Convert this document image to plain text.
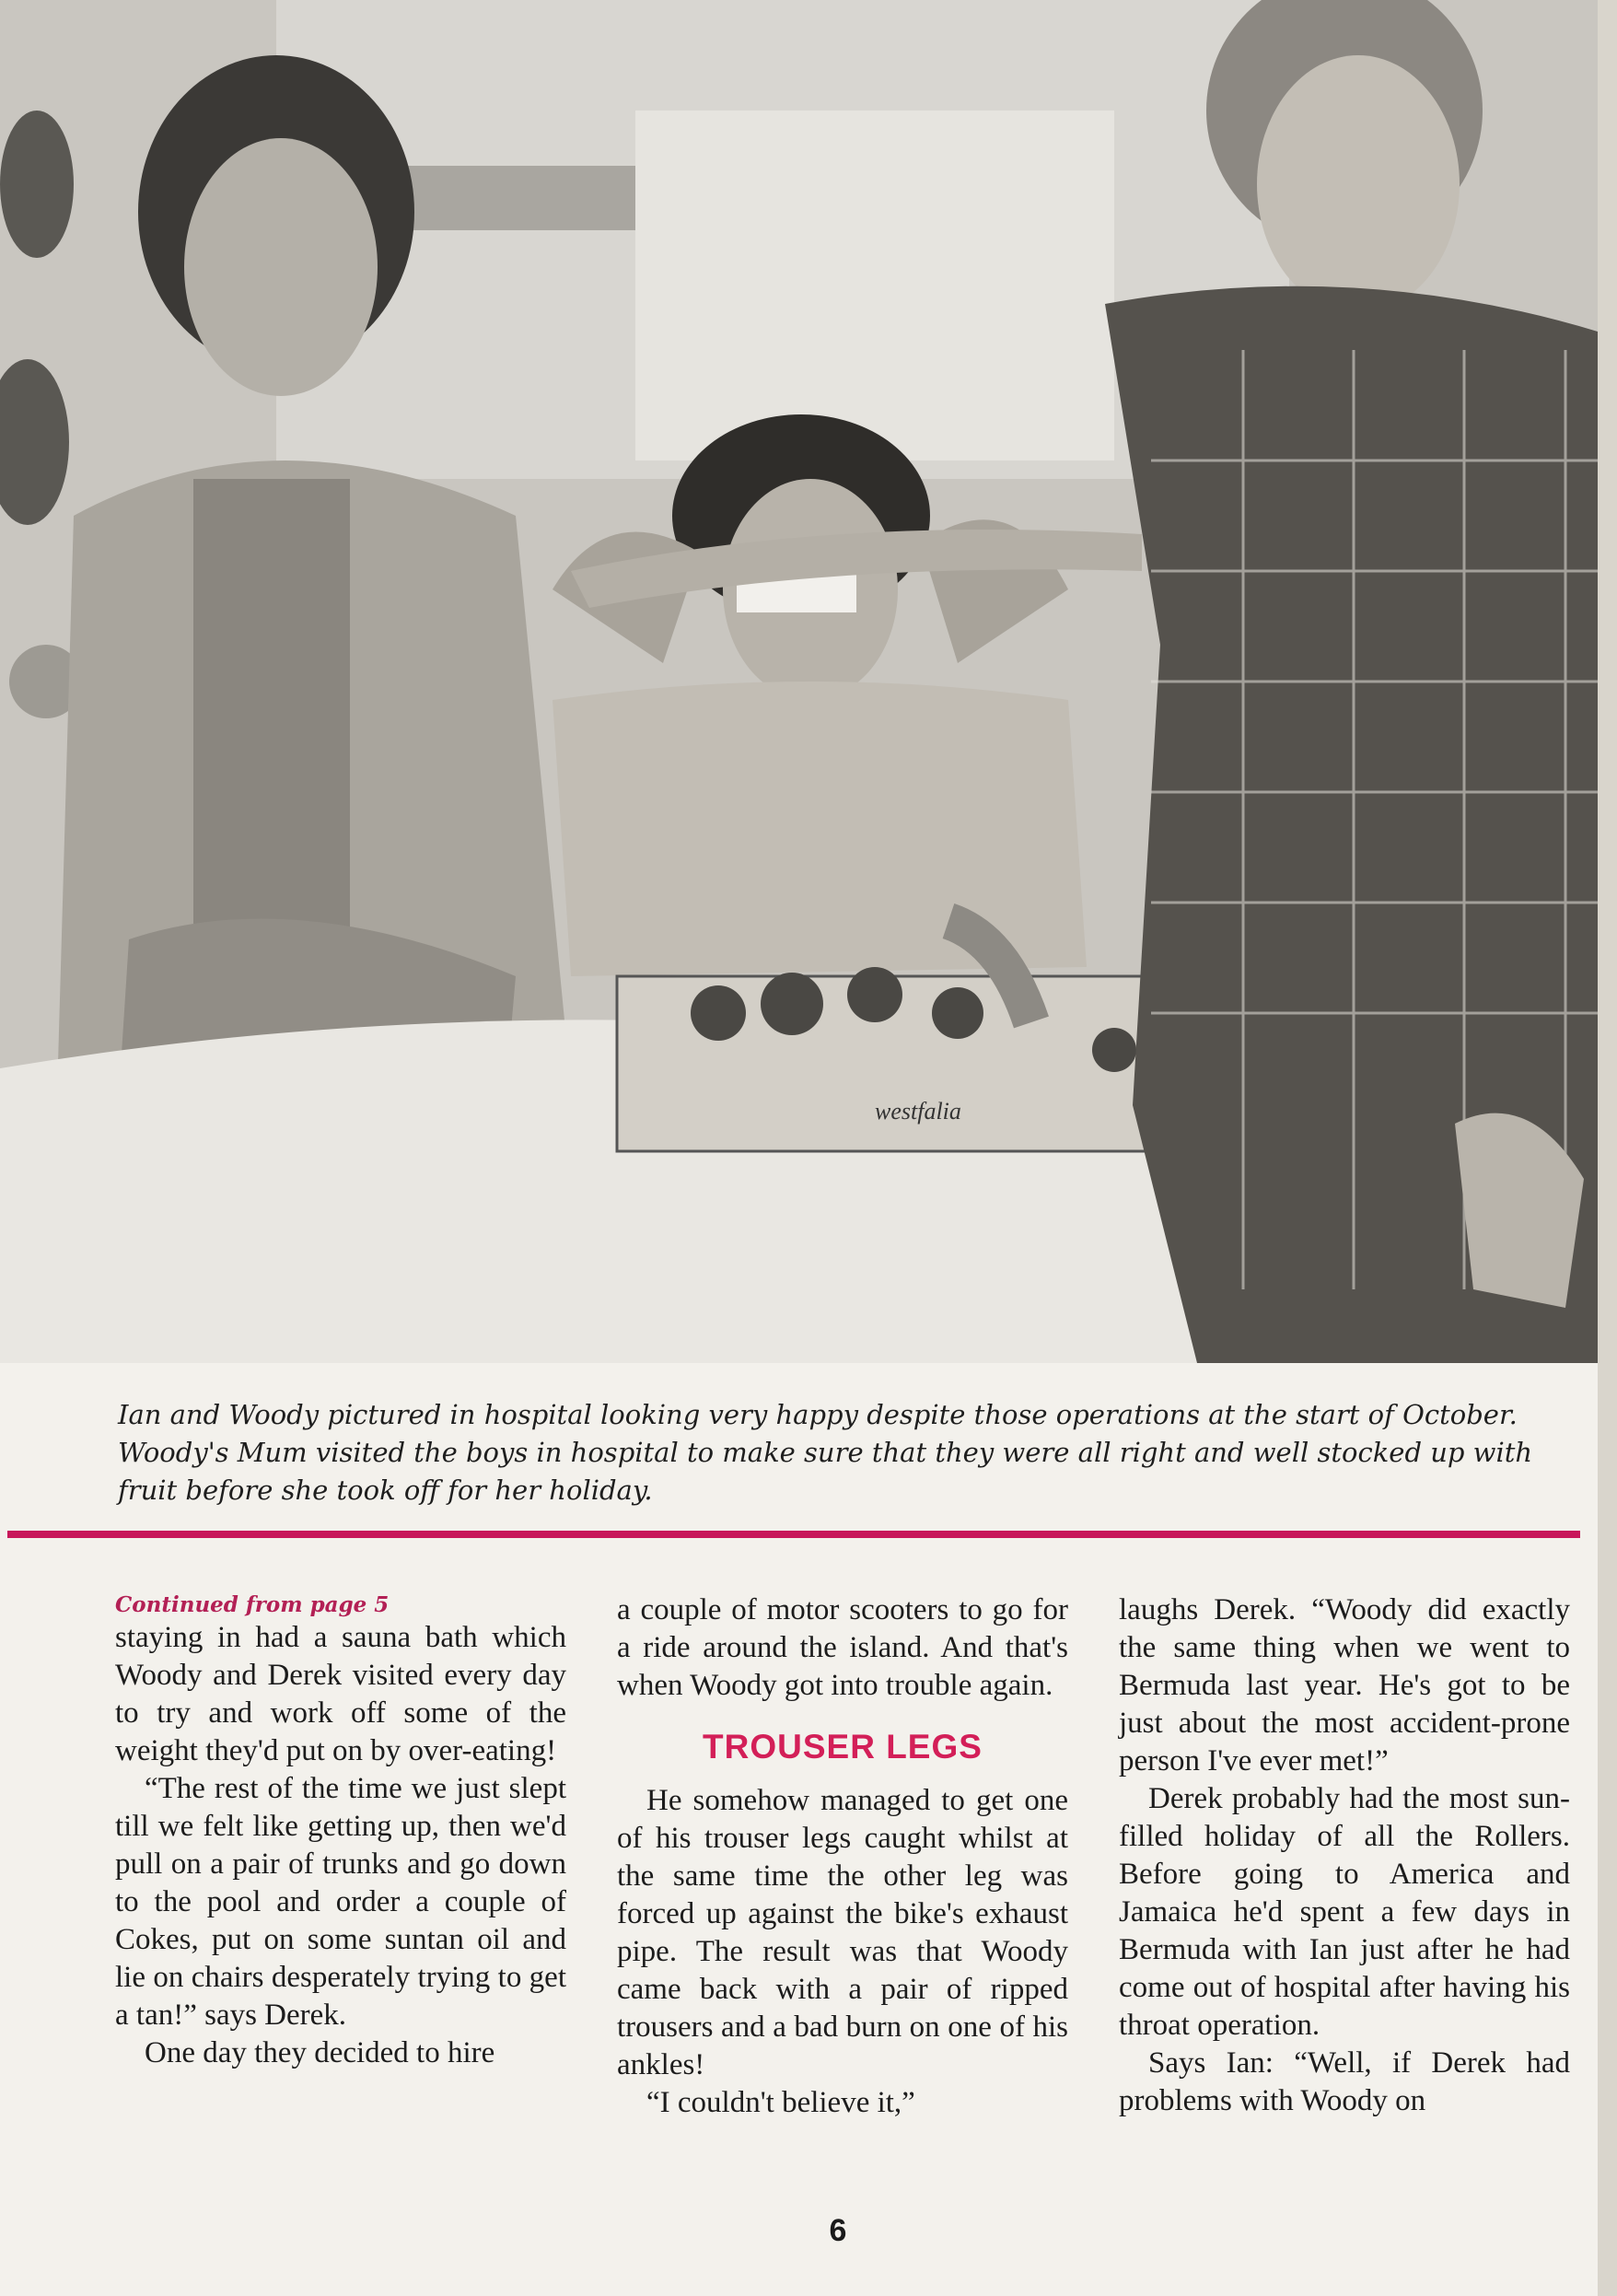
westfalia
Ian and Woody pictured in hospital looking very happy despite those operations at the start of October. Woody's Mum visited the boys in hospital to make sure that they were all right and well stocked up with fruit before she took off for her holiday.

Continued from page 5

staying in had a sauna bath which Woody and Derek visited every day to try and work off some of the weight they'd put on by over-eating!

“The rest of the time we just slept till we felt like getting up, then we'd pull on a pair of trunks and go down to the pool and order a couple of Cokes, put on some suntan oil and lie on chairs desperately trying to get a tan!” says Derek.

One day they decided to hire

a couple of motor scooters to go for a ride around the island. And that's when Woody got into trouble again.

TROUSER LEGS

He somehow managed to get one of his trouser legs caught whilst at the same time the other leg was forced up against the bike's exhaust pipe. The result was that Woody came back with a pair of ripped trousers and a bad burn on one of his ankles!

“I couldn't believe it,”

laughs Derek. “Woody did exactly the same thing when we went to Bermuda last year. He's got to be just about the most accident-prone person I've ever met!”

Derek probably had the most sun-filled holiday of all the Rollers. Before going to America and Jamaica he'd spent a few days in Bermuda with Ian just after he had come out of hospital after having his throat operation.

Says Ian: “Well, if Derek had problems with Woody on

6
